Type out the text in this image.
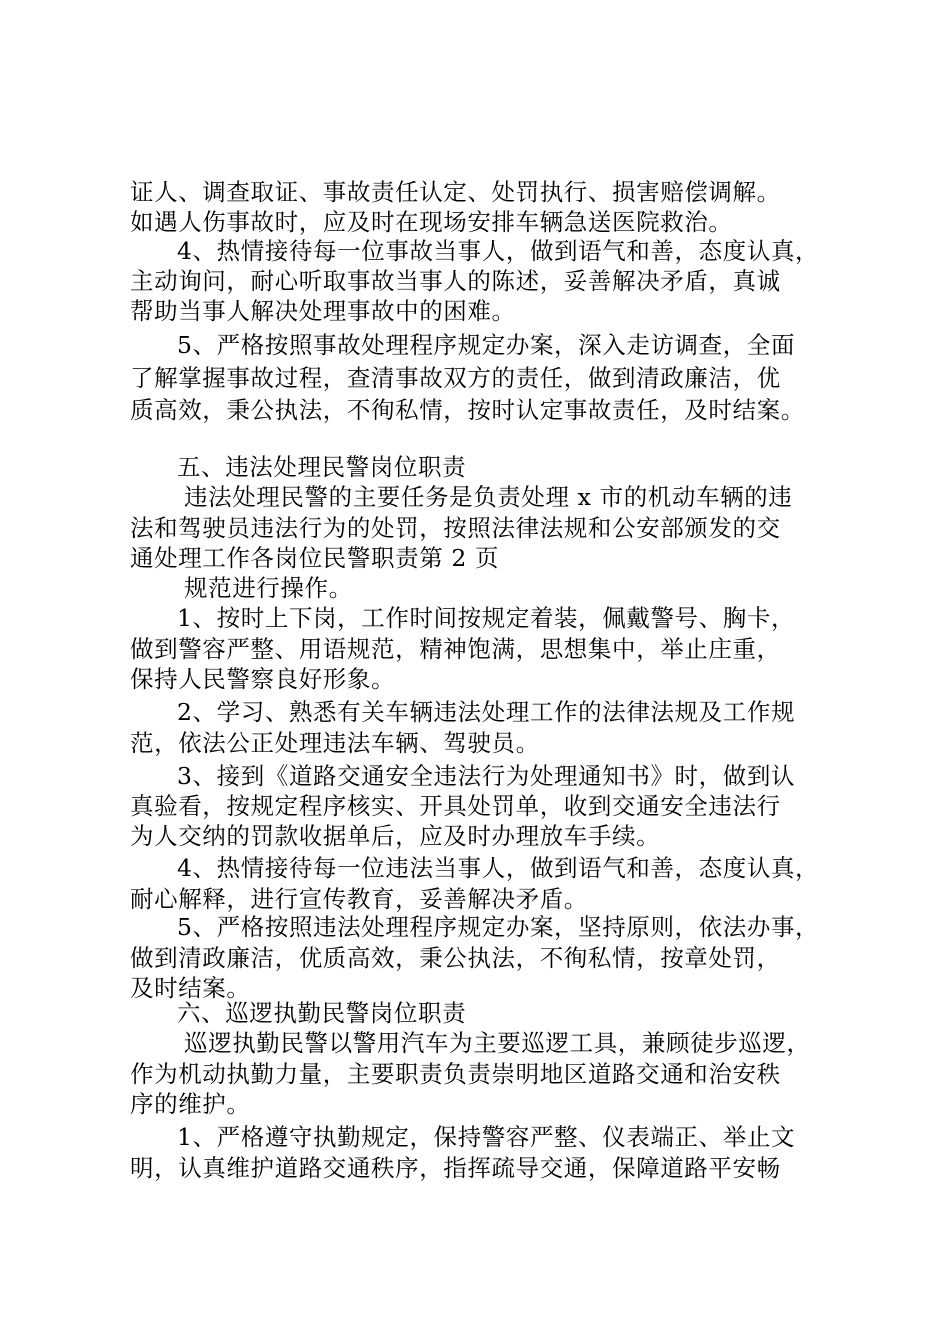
证人、调查取证、事故责任认定、处罚执行、损害赔偿调解。
如遇人伤事故时，应及时在现场安排车辆急送医院救治。
4、热情接待每一位事故当事人，做到语气和善，态度认真，
主动询问，耐心听取事故当事人的陈述，妥善解决矛盾，真诚
帮助当事人解决处理事故中的困难。
5、严格按照事故处理程序规定办案，深入走访调查，全面
了解掌握事故过程，查清事故双方的责任，做到清政廉洁，优
质高效，秉公执法，不徇私情，按时认定事故责任，及时结案。
五、违法处理民警岗位职责
违法处理民警的主要任务是负责处理 x 市的机动车辆的违
法和驾驶员违法行为的处罚，按照法律法规和公安部颁发的交
通处理工作各岗位民警职责第 2 页
规范进行操作。
1、按时上下岗，工作时间按规定着装，佩戴警号、胸卡，
做到警容严整、用语规范，精神饱满，思想集中，举止庄重，
保持人民警察良好形象。
2、学习、熟悉有关车辆违法处理工作的法律法规及工作规
范，依法公正处理违法车辆、驾驶员。
3、接到《道路交通安全违法行为处理通知书》时，做到认
真验看，按规定程序核实、开具处罚单，收到交通安全违法行
为人交纳的罚款收据单后，应及时办理放车手续。
4、热情接待每一位违法当事人，做到语气和善，态度认真，
耐心解释，进行宣传教育，妥善解决矛盾。
5、严格按照违法处理程序规定办案，坚持原则，依法办事，
做到清政廉洁，优质高效，秉公执法，不徇私情，按章处罚，
及时结案。
六、巡逻执勤民警岗位职责
巡逻执勤民警以警用汽车为主要巡逻工具，兼顾徒步巡逻，
作为机动执勤力量，主要职责负责崇明地区道路交通和治安秩
序的维护。
1、严格遵守执勤规定，保持警容严整、仪表端正、举止文
明，认真维护道路交通秩序，指挥疏导交通，保障道路平安畅
